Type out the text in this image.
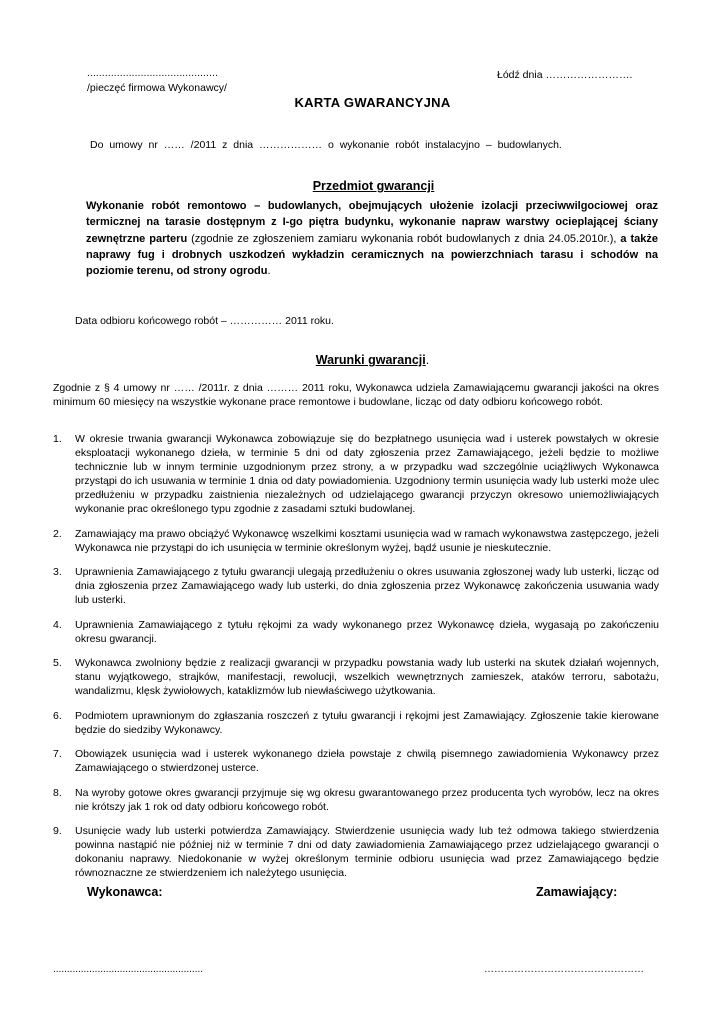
............................................
/pieczęć firmowa Wykonawcy/
Łódź dnia …………………….
KARTA GWARANCYJNA
Do umowy nr …… /2011 z dnia ……………… o wykonanie robót instalacyjno – budowlanych.
Przedmiot gwarancji
Wykonanie robót remontowo – budowlanych, obejmujących ułożenie izolacji przeciwwilgociowej oraz termicznej na tarasie dostępnym z I-go piętra budynku, wykonanie napraw warstwy ocieplającej ściany zewnętrzne parteru (zgodnie ze zgłoszeniem zamiaru wykonania robót budowlanych z dnia 24.05.2010r.), a także naprawy fug i drobnych uszkodzeń wykładzin ceramicznych na powierzchniach tarasu i schodów na poziomie terenu, od strony ogrodu.
Data odbioru końcowego robót – …………… 2011 roku.
Warunki gwarancji.
Zgodnie z § 4 umowy nr …… /2011r. z dnia ……… 2011 roku, Wykonawca udziela Zamawiającemu gwarancji jakości na okres minimum 60 miesięcy na wszystkie wykonane prace remontowe i budowlane, licząc od daty odbioru końcowego robót.
1. W okresie trwania gwarancji Wykonawca zobowiązuje się do bezpłatnego usunięcia wad i usterek powstałych w okresie eksploatacji wykonanego dzieła, w terminie 5 dni od daty zgłoszenia przez Zamawiającego, jeżeli będzie to możliwe technicznie lub w innym terminie uzgodnionym przez strony, a w przypadku wad szczególnie uciążliwych Wykonawca przystąpi do ich usuwania w terminie 1 dnia od daty powiadomienia. Uzgodniony termin usunięcia wady lub usterki może ulec przedłużeniu w przypadku zaistnienia niezależnych od udzielającego gwarancji przyczyn okresowo uniemożliwiających wykonanie prac określonego typu zgodnie z zasadami sztuki budowlanej.
2. Zamawiający ma prawo obciążyć Wykonawcę wszelkimi kosztami usunięcia wad w ramach wykonawstwa zastępczego, jeżeli Wykonawca nie przystąpi do ich usunięcia w terminie określonym wyżej, bądź usunie je nieskutecznie.
3. Uprawnienia Zamawiającego z tytułu gwarancji ulegają przedłużeniu o okres usuwania zgłoszonej wady lub usterki, licząc od dnia zgłoszenia przez Zamawiającego wady lub usterki, do dnia zgłoszenia przez Wykonawcę zakończenia usuwania wady lub usterki.
4. Uprawnienia Zamawiającego z tytułu rękojmi za wady wykonanego przez Wykonawcę dzieła, wygasają po zakończeniu okresu gwarancji.
5. Wykonawca zwolniony będzie z realizacji gwarancji w przypadku powstania wady lub usterki na skutek działań wojennych, stanu wyjątkowego, strajków, manifestacji, rewolucji, wszelkich wewnętrznych zamieszek, ataków terroru, sabotażu, wandalizmu, klęsk żywiołowych, kataklizmów lub niewłaściwego użytkowania.
6. Podmiotem uprawnionym do zgłaszania roszczeń z tytułu gwarancji i rękojmi jest Zamawiający. Zgłoszenie takie kierowane będzie do siedziby Wykonawcy.
7. Obowiązek usunięcia wad i usterek wykonanego dzieła powstaje z chwilą pisemnego zawiadomienia Wykonawcy przez Zamawiającego o stwierdzonej usterce.
8. Na wyroby gotowe okres gwarancji przyjmuje się wg okresu gwarantowanego przez producenta tych wyrobów, lecz na okres nie krótszy jak 1 rok od daty odbioru końcowego robót.
9. Usunięcie wady lub usterki potwierdza Zamawiający. Stwierdzenie usunięcia wady lub też odmowa takiego stwierdzenia powinna nastąpić nie później niż w terminie 7 dni od daty zawiadomienia Zamawiającego przez udzielającego gwarancji o dokonaniu naprawy. Niedokonanie w wyżej określonym terminie odbioru usunięcia wad przez Zamawiającego będzie równoznaczne ze stwierdzeniem ich należytego usunięcia.
Wykonawca:	Zamawiający:
......................................................	…………………………………………
